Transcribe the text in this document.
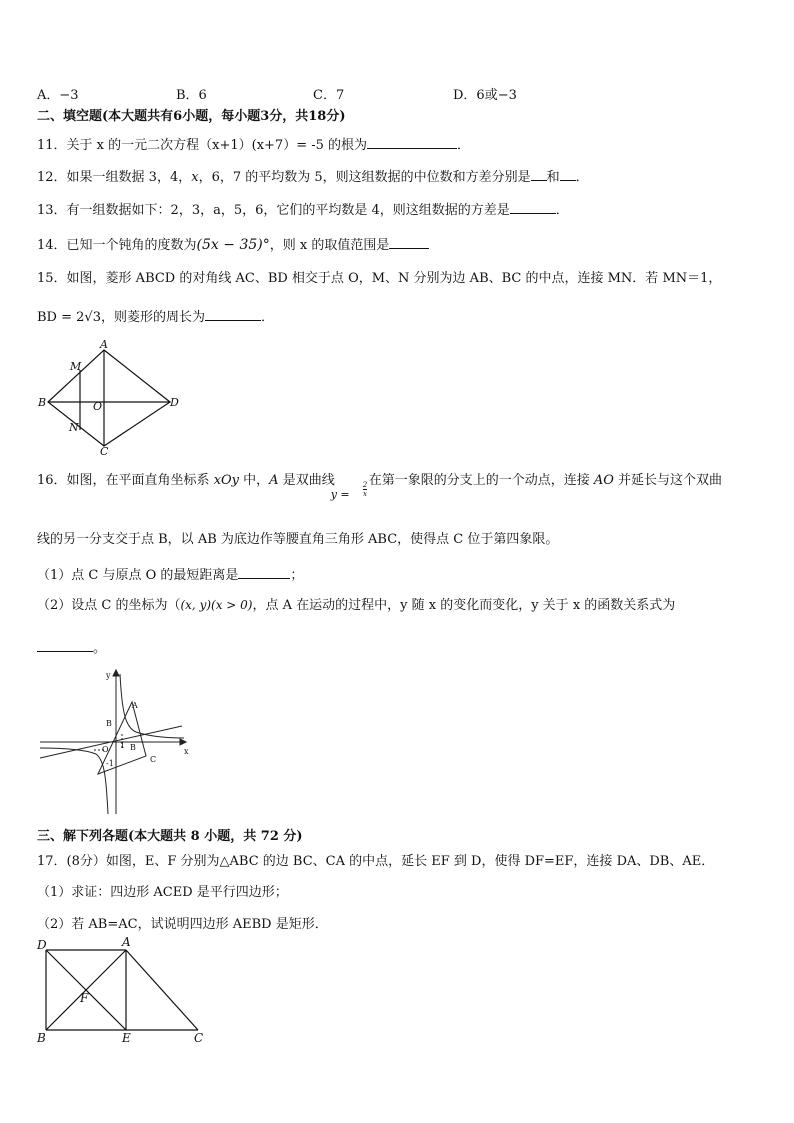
A．−3	B．6	C．7	D．6或−3
二、填空题(本大题共有6小题，每小题3分，共18分)
11．关于 x 的一元二次方程（x+1）(x+7）= -5 的根为	．
12．如果一组数据 3，4，x，6，7 的平均数为 5，则这组数据的中位数和方差分别是 和 ．
13．有一组数据如下：2，3，a，5，6，它们的平均数是 4，则这组数据的方差是	．
14．已知一个钝角的度数为(5x − 35)°，则 x 的取值范围是
15．如图，菱形 ABCD 的对角线 AC、BD 相交于点 O，M、N 分别为边 AB、BC 的中点，连接 MN．若 MN＝1，
BD = 2√3，则菱形的周长为	．
A
B
C
D
O
M
N
16．如图，在平面直角坐标系 xOy 中，A 是双曲线
$y = \frac{2}{x}$
在第一象限的分支上的一个动点，连接 AO 并延长与这个双曲
线的另一分支交于点 B，以 AB 为底边作等腰直角三角形 ABC，使得点 C 位于第四象限。
（1）点 C 与原点 O 的最短距离是	；
（2）设点 C 的坐标为（(x, y)(x > 0)，点 A 在运动的过程中，y 随 x 的变化而变化，y 关于 x 的函数关系式为
。
y
x
O
A
B
B
C
1
-1
三、解下列各题(本大题共 8 小题，共 72 分)
17．(8分）如图，E、F 分别为△ABC 的边 BC、CA 的中点，延长 EF 到 D，使得 DF=EF，连接 DA、DB、AE．
（1）求证：四边形 ACED 是平行四边形；
（2）若 AB=AC，试说明四边形 AEBD 是矩形．
D	A
F
B	E	C
